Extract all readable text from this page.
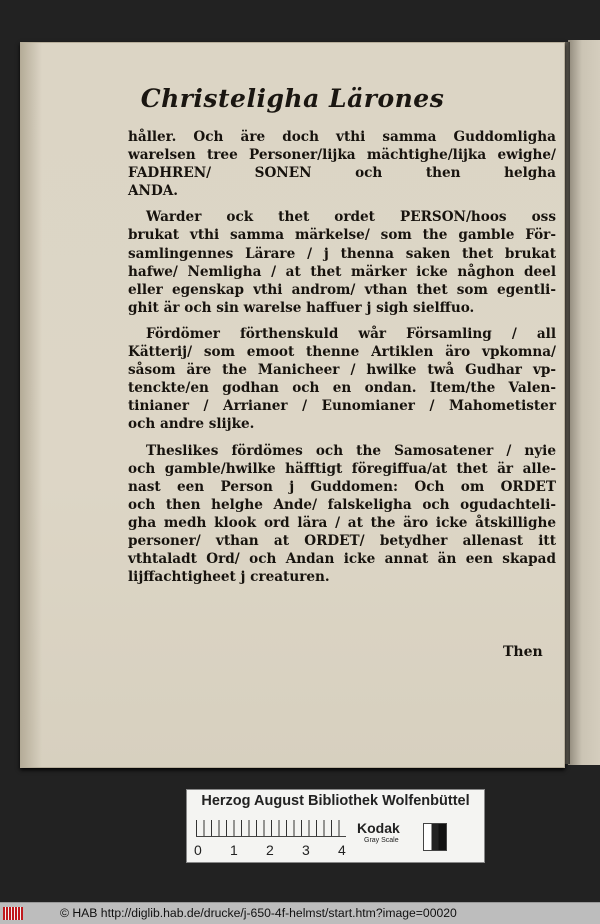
Christeligha Lärones
håller. Och äre doch vthi samma Guddomligha
warelsen tree Personer/lijka mächtighe/lijka ewighe/
FADHREN/ SONEN och then helgha
ANDA.
Warder ock thet ordet PERSON/hoos oss
brukat vthi samma märkelse/ som the gamble För-
samlingennes Lärare / j thenna saken thet brukat
hafwe/ Nemligha / at thet märker icke någhon deel
eller egenskap vthi androm/ vthan thet som egentli-
ghit är och sin warelse haffuer j sigh sielffuo.
Fördömer förthenskuld wår Församling / all
Kätterij/ som emoot thenne Artiklen äro vpkomna/
såsom äre the Manicheer / hwilke twå Gudhar vp-
tenckte/en godhan och en ondan. Item/the Valen-
tinianer / Arrianer / Eunomianer / Mahometister
och andre slijke.
Theslikes fördömes och the Samosatener / nyie
och gamble/hwilke häfftigt föregiffua/at thet är alle-
nast een Person j Guddomen: Och om ORDET
och then helghe Ande/ falskeligha och ogudachteli-
gha medh klook ord lära / at the äro icke åtskillighe
personer/ vthan at ORDET/ betydher allenast itt
vthtaladt Ord/ och Andan icke annat än een skapad
lijffachtigheet j creaturen.
Then
Herzog August Bibliothek Wolfenbüttel
0 1 2 3 4
Kodak
Gray Scale
© HAB http://diglib.hab.de/drucke/j-650-4f-helmst/start.htm?image=00020
